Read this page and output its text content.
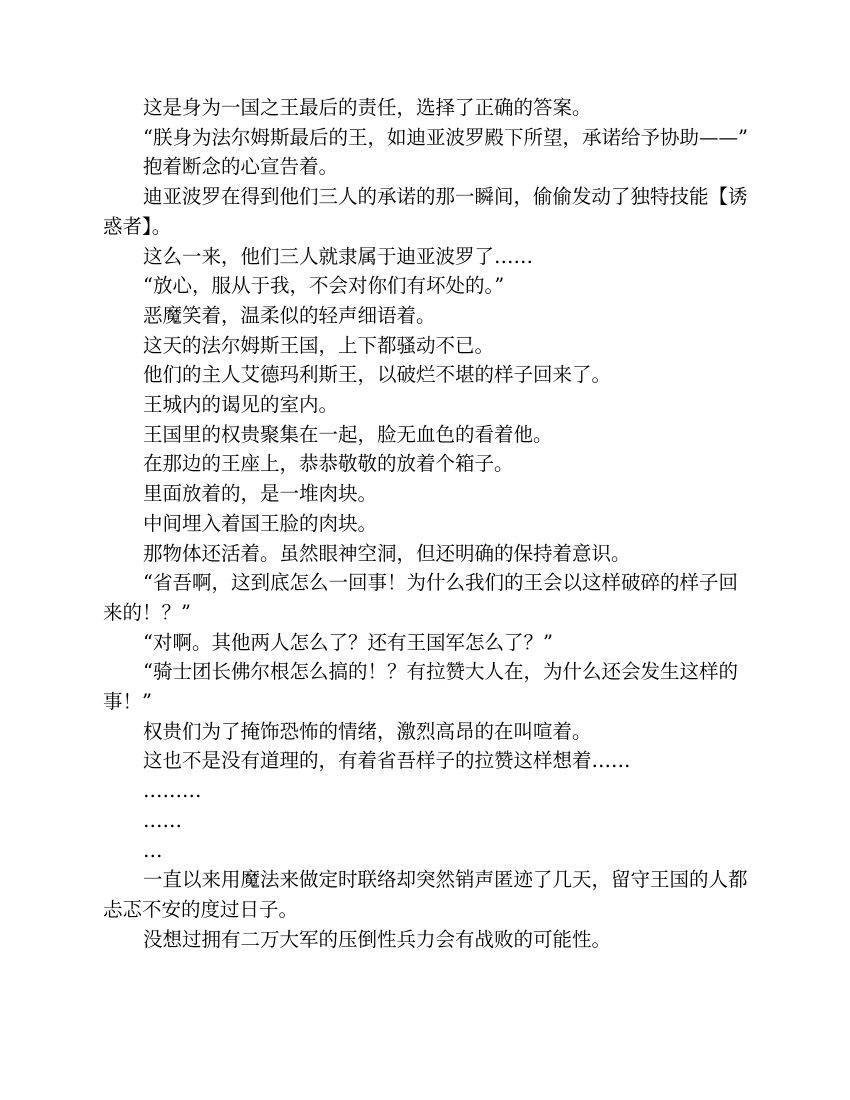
这是身为一国之王最后的责任，选择了正确的答案。

“朕身为法尔姆斯最后的王，如迪亚波罗殿下所望，承诺给予协助——”

抱着断念的心宣告着。

迪亚波罗在得到他们三人的承诺的那一瞬间，偷偷发动了独特技能【诱惑者】。

这么一来，他们三人就隶属于迪亚波罗了……

“放心，服从于我，不会对你们有坏处的。”

恶魔笑着，温柔似的轻声细语着。

这天的法尔姆斯王国，上下都骚动不已。

他们的主人艾德玛利斯王，以破烂不堪的样子回来了。

王城内的谒见的室内。

王国里的权贵聚集在一起，脸无血色的看着他。

在那边的王座上，恭恭敬敬的放着个箱子。

里面放着的，是一堆肉块。

中间埋入着国王脸的肉块。

那物体还活着。虽然眼神空洞，但还明确的保持着意识。

“省吾啊，这到底怎么一回事！为什么我们的王会以这样破碎的样子回来的！？”

“对啊。其他两人怎么了？还有王国军怎么了？”

“骑士团长佛尔根怎么搞的！？有拉赞大人在，为什么还会发生这样的事！”

权贵们为了掩饰恐怖的情绪，激烈高昂的在叫喧着。

这也不是没有道理的，有着省吾样子的拉赞这样想着……

………

……

…

一直以来用魔法来做定时联络却突然销声匿迹了几天，留守王国的人都忐忑不安的度过日子。

没想过拥有二万大军的压倒性兵力会有战败的可能性。
